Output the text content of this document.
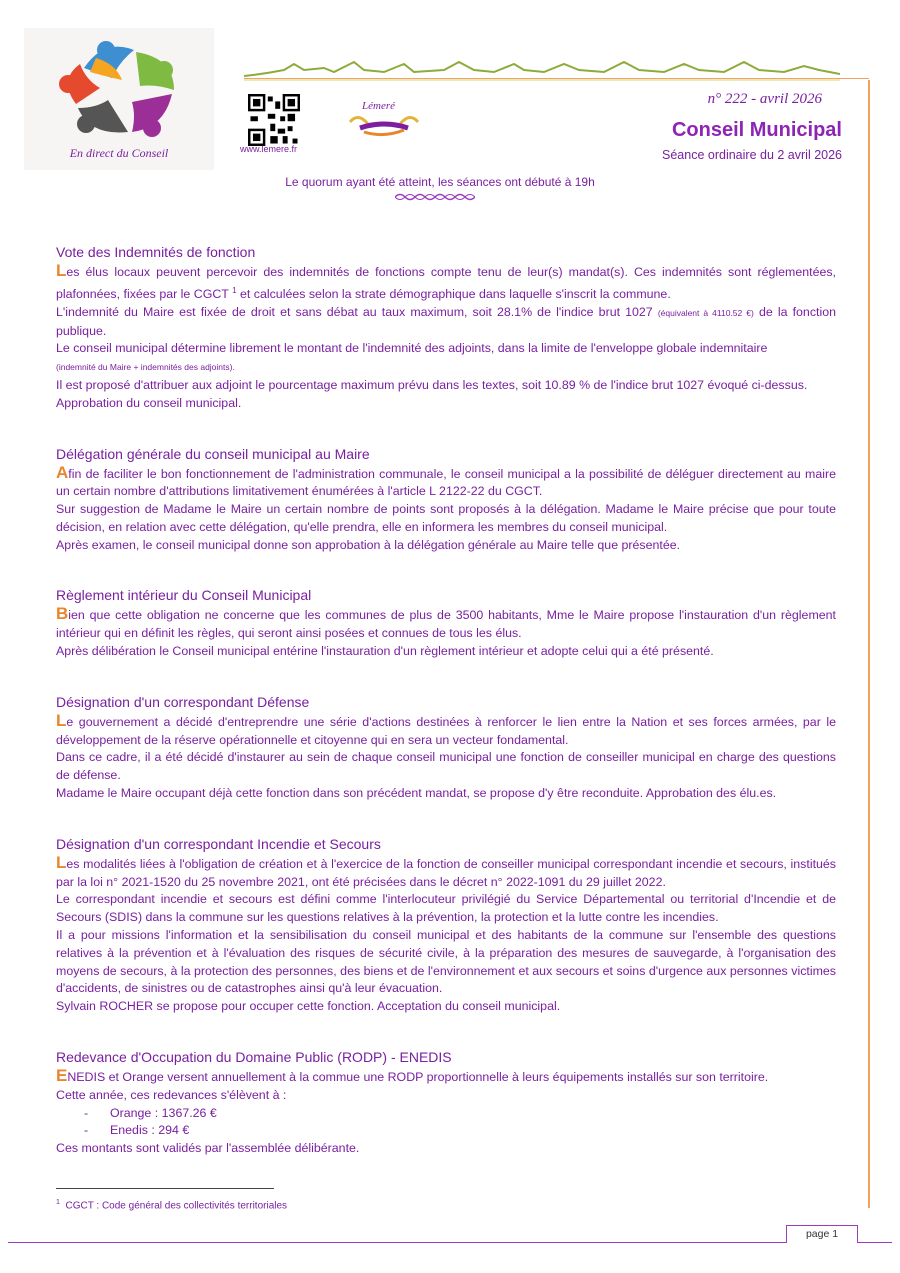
En direct du Conseil	www.lemere.fr
Lémeré	n° 222 - avril 2026
Conseil Municipal
Séance ordinaire du 2 avril 2026
Le quorum ayant été atteint, les séances ont débuté à 19h
Vote des Indemnités de fonction

Les élus locaux peuvent percevoir des indemnités de fonctions compte tenu de leur(s) mandat(s). Ces indemnités sont réglementées, plafonnées, fixées par le CGCT $^1$ et calculées selon la strate démographique dans laquelle s'inscrit la commune.

L'indemnité du Maire est fixée de droit et sans débat au taux maximum, soit 28.1% de l'indice brut 1027 (équivalent à 4110.52 €) de la fonction publique.

Le conseil municipal détermine librement le montant de l'indemnité des adjoints, dans la limite de l'enveloppe globale indemnitaire
(indemnité du Maire + indemnités des adjoints).

Il est proposé d'attribuer aux adjoint le pourcentage maximum prévu dans les textes, soit 10.89 % de l'indice brut 1027 évoqué ci-dessus.

Approbation du conseil municipal.

Délégation générale du conseil municipal au Maire

Afin de faciliter le bon fonctionnement de l'administration communale, le conseil municipal a la possibilité de déléguer directement au maire un certain nombre d'attributions limitativement énumérées à l'article L 2122-22 du CGCT.

Sur suggestion de Madame le Maire un certain nombre de points sont proposés à la délégation. Madame le Maire précise que pour toute décision, en relation avec cette délégation, qu'elle prendra, elle en informera les membres du conseil municipal.

Après examen, le conseil municipal donne son approbation à la délégation générale au Maire telle que présentée.

Règlement intérieur du Conseil Municipal

Bien que cette obligation ne concerne que les communes de plus de 3500 habitants, Mme le Maire propose l'instauration d'un règlement intérieur qui en définit les règles, qui seront ainsi posées et connues de tous les élus.

Après délibération le Conseil municipal entérine l'instauration d'un règlement intérieur et adopte celui qui a été présenté.

Désignation d'un correspondant Défense

Le gouvernement a décidé d'entreprendre une série d'actions destinées à renforcer le lien entre la Nation et ses forces armées, par le développement de la réserve opérationnelle et citoyenne qui en sera un vecteur fondamental.

Dans ce cadre, il a été décidé d'instaurer au sein de chaque conseil municipal une fonction de conseiller municipal en charge des questions de défense.

Madame le Maire occupant déjà cette fonction dans son précédent mandat, se propose d'y être reconduite. Approbation des élu.es.

Désignation d'un correspondant Incendie et Secours

Les modalités liées à l'obligation de création et à l'exercice de la fonction de conseiller municipal correspondant incendie et secours, institués par la loi n° 2021-1520 du 25 novembre 2021, ont été précisées dans le décret n° 2022-1091 du 29 juillet 2022.

Le correspondant incendie et secours est défini comme l'interlocuteur privilégié du Service Départemental ou territorial d'Incendie et de Secours (SDIS) dans la commune sur les questions relatives à la prévention, la protection et la lutte contre les incendies.

Il a pour missions l'information et la sensibilisation du conseil municipal et des habitants de la commune sur l'ensemble des questions relatives à la prévention et à l'évaluation des risques de sécurité civile, à la préparation des mesures de sauvegarde, à l'organisation des moyens de secours, à la protection des personnes, des biens et de l'environnement et aux secours et soins d'urgence aux personnes victimes d'accidents, de sinistres ou de catastrophes ainsi qu'à leur évacuation.

Sylvain ROCHER se propose pour occuper cette fonction. Acceptation du conseil municipal.

Redevance d'Occupation du Domaine Public (RODP) - ENEDIS

ENEDIS et Orange versent annuellement à la commue une RODP proportionnelle à leurs équipements installés sur son territoire.

Cette année, ces redevances s'élèvent à :

- Orange : 1367.26 €
- Enedis : 294 €

Ces montants sont validés par l'assemblée délibérante.

$^1$ CGCT : Code général des collectivités territoriales
page 1
